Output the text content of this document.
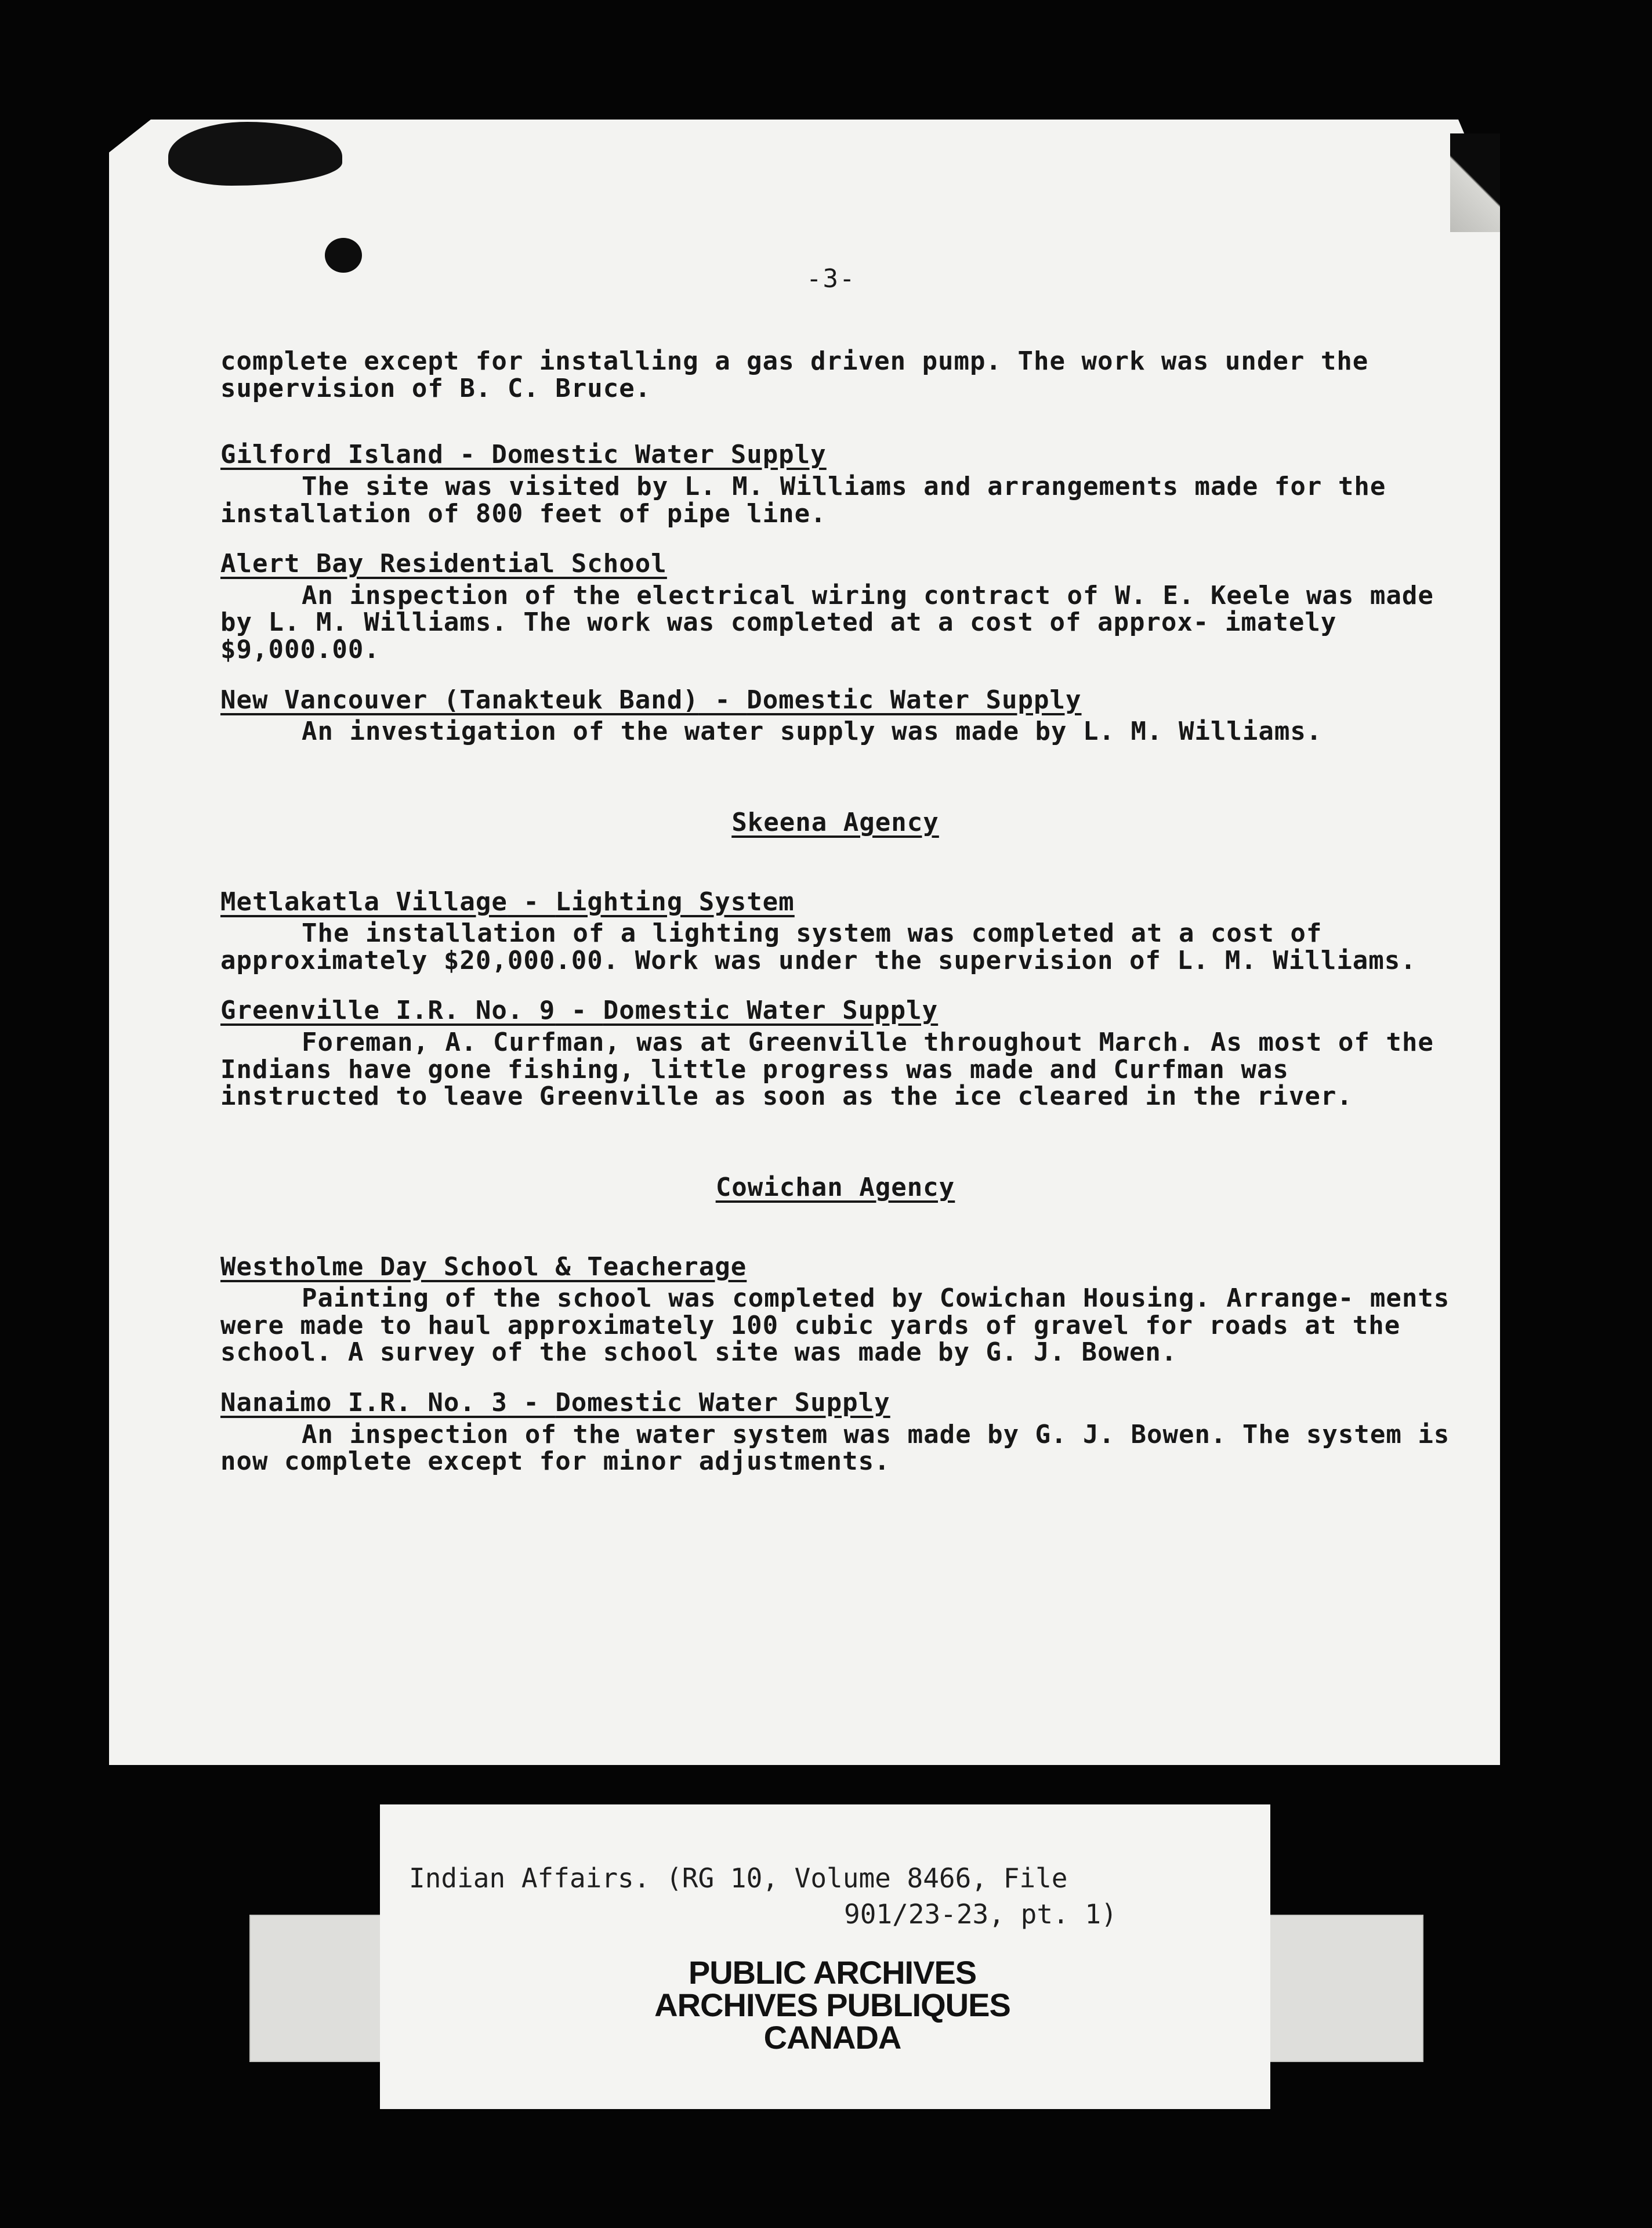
-3-

complete except for installing a gas driven pump. The work was under the supervision of B. C. Bruce.

Gilford Island - Domestic Water Supply

The site was visited by L. M. Williams and arrangements made for the installation of 800 feet of pipe line.

Alert Bay Residential School

An inspection of the electrical wiring contract of W. E. Keele was made by L. M. Williams. The work was completed at a cost of approx- imately $9,000.00.

New Vancouver (Tanakteuk Band) - Domestic Water Supply

An investigation of the water supply was made by L. M. Williams.

Skeena Agency
Metlakatla Village - Lighting System

The installation of a lighting system was completed at a cost of approximately $20,000.00. Work was under the supervision of L. M. Williams.

Greenville I.R. No. 9 - Domestic Water Supply

Foreman, A. Curfman, was at Greenville throughout March. As most of the Indians have gone fishing, little progress was made and Curfman was instructed to leave Greenville as soon as the ice cleared in the river.

Cowichan Agency
Westholme Day School & Teacherage

Painting of the school was completed by Cowichan Housing. Arrange- ments were made to haul approximately 100 cubic yards of gravel for roads at the school. A survey of the school site was made by G. J. Bowen.

Nanaimo I.R. No. 3 - Domestic Water Supply

An inspection of the water system was made by G. J. Bowen. The system is now complete except for minor adjustments.

Indian Affairs. (RG 10, Volume 8466, File
901/23-23, pt. 1)
PUBLIC ARCHIVES
ARCHIVES PUBLIQUES
CANADA
